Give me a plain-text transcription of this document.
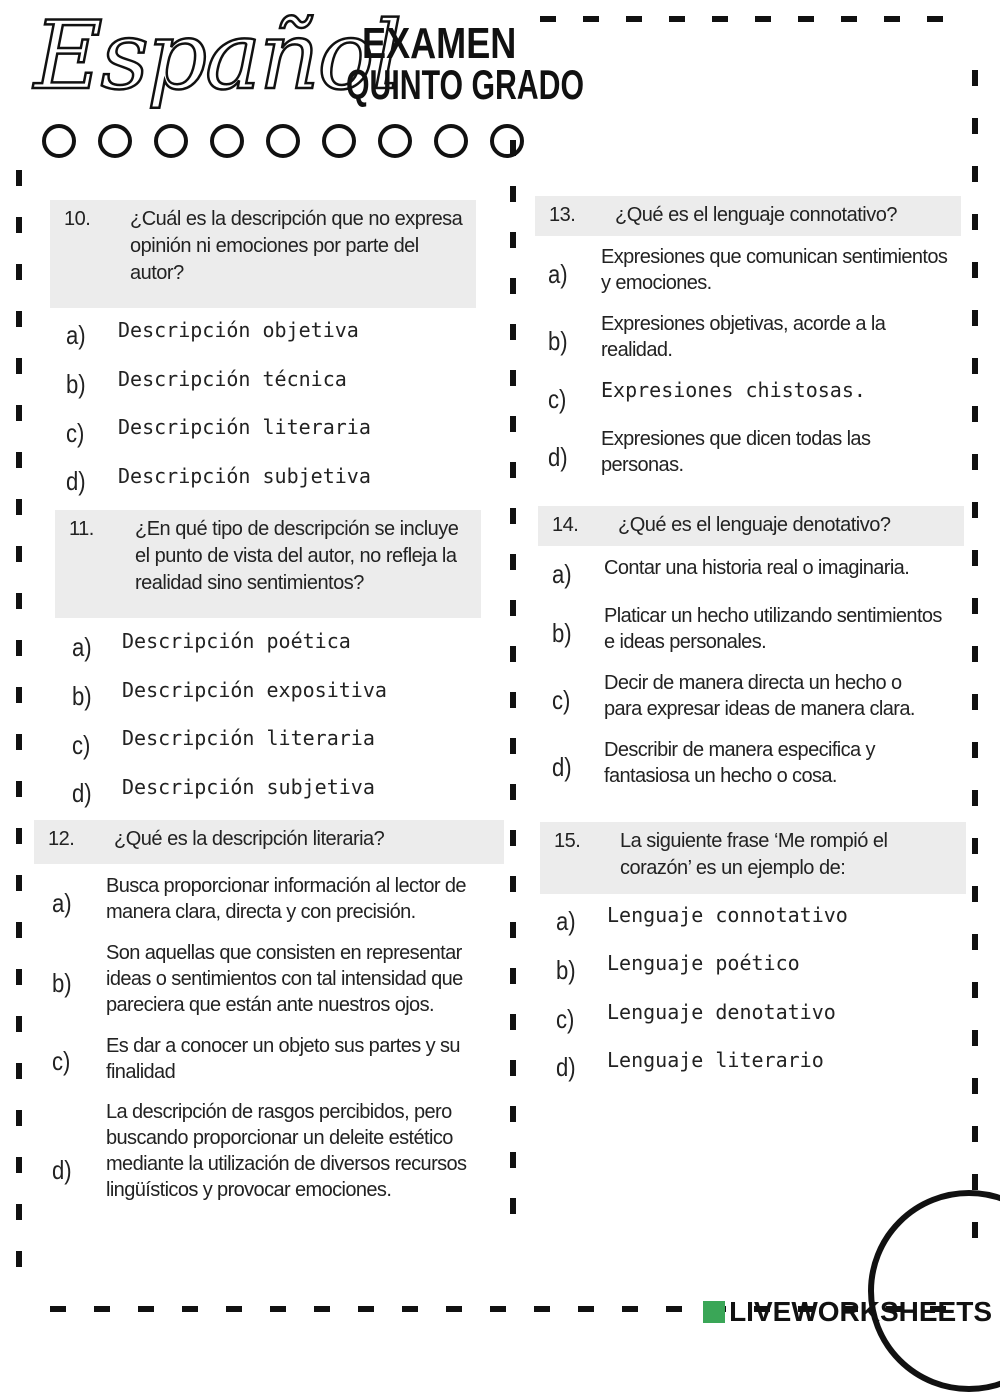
Español
EXAMEN
QUINTO GRADO
10. ¿Cuál es la descripción que no expresa opinión ni emociones por parte del autor?
a) Descripción objetiva
b) Descripción técnica
c) Descripción literaria
d) Descripción subjetiva
11. ¿En qué tipo de descripción se incluye el punto de vista del autor, no refleja la realidad sino sentimientos?
a) Descripción poética
b) Descripción expositiva
c) Descripción literaria
d) Descripción subjetiva
12. ¿Qué es la descripción literaria?
a)
Busca proporcionar información al lector de manera clara, directa y con precisión.
b)
Son aquellas que consisten en representar ideas o sentimientos con tal intensidad que pareciera que están ante nuestros ojos.
c) Es dar a conocer un objeto sus partes y su finalidad
d)
La descripción de rasgos percibidos, pero buscando proporcionar un deleite estético mediante la utilización de diversos recursos lingüísticos y provocar emociones.
13. ¿Qué es el lenguaje connotativo?
a)
Expresiones que comunican sentimientos y emociones.
b)
Expresiones objetivas, acorde a la realidad.
c) Expresiones chistosas.
d)
Expresiones que dicen todas las personas.
14. ¿Qué es el lenguaje denotativo?
a) Contar una historia real o imaginaria.
b)
Platicar un hecho utilizando sentimientos e ideas personales.
c)
Decir de manera directa un hecho o para expresar ideas de manera clara.
d)
Describir de manera especifica y fantasiosa un hecho o cosa.
15. La siguiente frase ‘Me rompió el corazón’ es un ejemplo de:
a) Lenguaje connotativo
b) Lenguaje poético
c) Lenguaje denotativo
d) Lenguaje literario
LIVEWORKSHEETS
